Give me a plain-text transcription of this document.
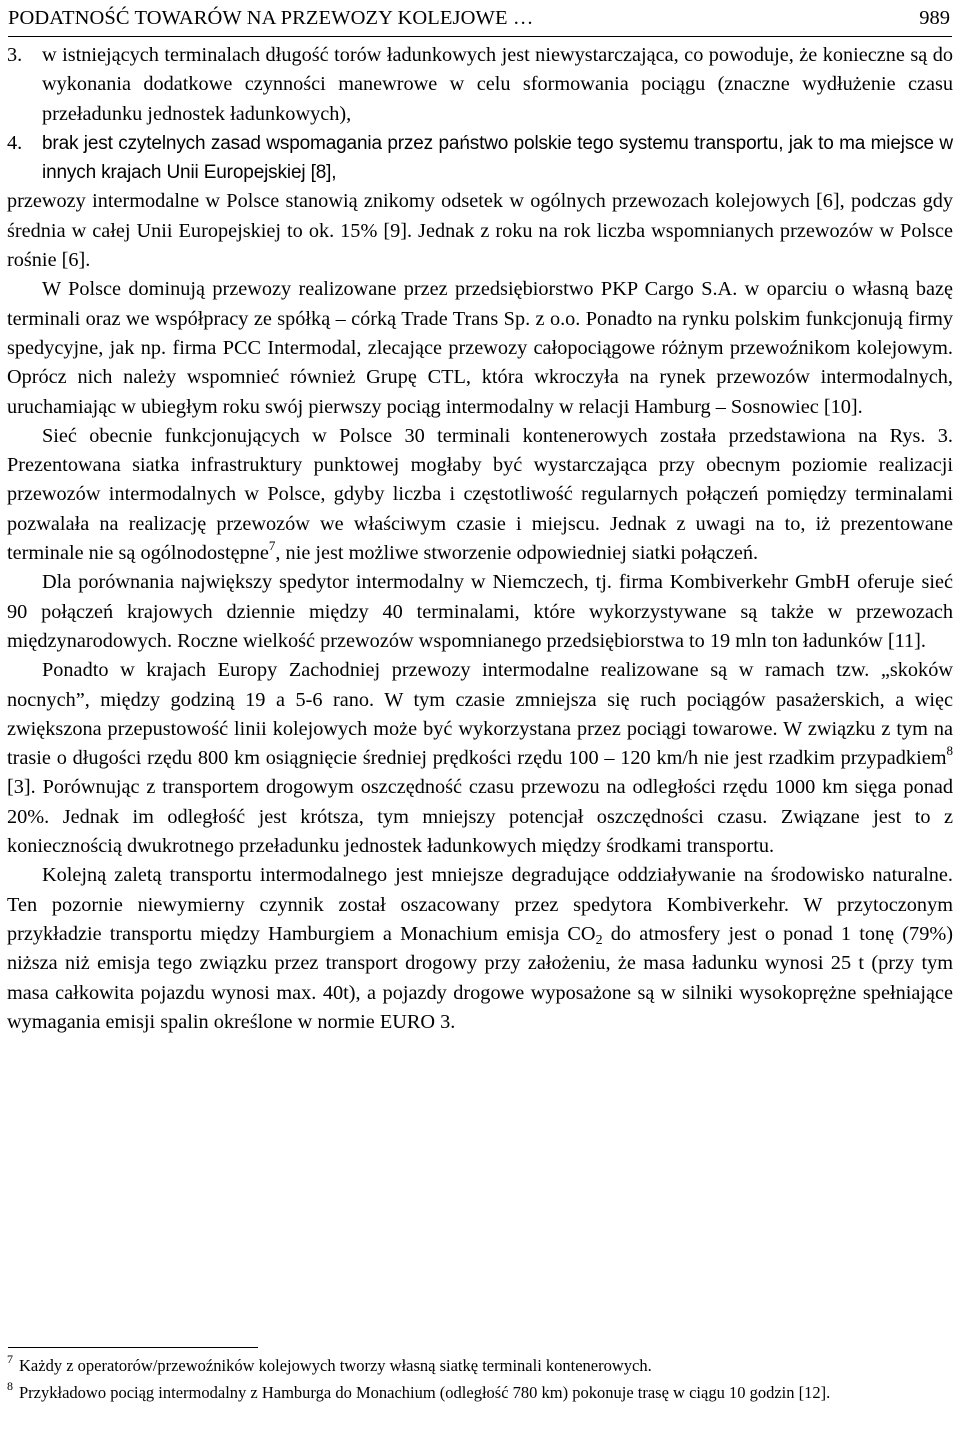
PODATNOŚĆ TOWARÓW NA PRZEWOZY KOLEJOWE …	989

3. w istniejących terminalach długość torów ładunkowych jest niewystarczająca, co powoduje, że konieczne są do wykonania dodatkowe czynności manewrowe w celu sformowania pociągu (znaczne wydłużenie czasu przeładunku jednostek ładunkowych),

4. brak jest czytelnych zasad wspomagania przez państwo polskie tego systemu transportu, jak to ma miejsce w innych krajach Unii Europejskiej [8],

przewozy intermodalne w Polsce stanowią znikomy odsetek w ogólnych przewozach kolejowych [6], podczas gdy średnia w całej Unii Europejskiej to ok. 15% [9]. Jednak z roku na rok liczba wspomnianych przewozów w Polsce rośnie [6].

W Polsce dominują przewozy realizowane przez przedsiębiorstwo PKP Cargo S.A. w oparciu o własną bazę terminali oraz we współpracy ze spółką – córką Trade Trans Sp. z o.o. Ponadto na rynku polskim funkcjonują firmy spedycyjne, jak np. firma PCC Intermodal, zlecające przewozy całopociągowe różnym przewoźnikom kolejowym. Oprócz nich należy wspomnieć również Grupę CTL, która wkroczyła na rynek przewozów intermodalnych, uruchamiając w ubiegłym roku swój pierwszy pociąg intermodalny w relacji Hamburg – Sosnowiec [10].

Sieć obecnie funkcjonujących w Polsce 30 terminali kontenerowych została przedstawiona na Rys. 3. Prezentowana siatka infrastruktury punktowej mogłaby być wystarczająca przy obecnym poziomie realizacji przewozów intermodalnych w Polsce, gdyby liczba i częstotliwość regularnych połączeń pomiędzy terminalami pozwalała na realizację przewozów we właściwym czasie i miejscu. Jednak z uwagi na to, iż prezentowane terminale nie są ogólnodostępne$^7$, nie jest możliwe stworzenie odpowiedniej siatki połączeń.

Dla porównania największy spedytor intermodalny w Niemczech, tj. firma Kombiverkehr GmbH oferuje sieć 90 połączeń krajowych dziennie między 40 terminalami, które wykorzystywane są także w przewozach międzynarodowych. Roczne wielkość przewozów wspomnianego przedsiębiorstwa to 19 mln ton ładunków [11].

Ponadto w krajach Europy Zachodniej przewozy intermodalne realizowane są w ramach tzw. „skoków nocnych”, między godziną 19 a 5-6 rano. W tym czasie zmniejsza się ruch pociągów pasażerskich, a więc zwiększona przepustowość linii kolejowych może być wykorzystana przez pociągi towarowe. W związku z tym na trasie o długości rzędu 800 km osiągnięcie średniej prędkości rzędu 100 – 120 km/h nie jest rzadkim przypadkiem$^8$ [3]. Porównując z transportem drogowym oszczędność czasu przewozu na odległości rzędu 1000 km sięga ponad 20%. Jednak im odległość jest krótsza, tym mniejszy potencjał oszczędności czasu. Związane jest to z koniecznością dwukrotnego przeładunku jednostek ładunkowych między środkami transportu.

Kolejną zaletą transportu intermodalnego jest mniejsze degradujące oddziaływanie na środowisko naturalne. Ten pozornie niewymierny czynnik został oszacowany przez spedytora Kombiverkehr. W przytoczonym przykładzie transportu między Hamburgiem a Monachium emisja $CO_2$ do atmosfery jest o ponad 1 tonę (79%) niższa niż emisja tego związku przez transport drogowy przy założeniu, że masa ładunku wynosi 25 t (przy tym masa całkowita pojazdu wynosi max. 40t), a pojazdy drogowe wyposażone są w silniki wysokoprężne spełniające wymagania emisji spalin określone w normie EURO 3.

$^7$ Każdy z operatorów/przewoźników kolejowych tworzy własną siatkę terminali kontenerowych.

$^8$ Przykładowo pociąg intermodalny z Hamburga do Monachium (odległość 780 km) pokonuje trasę w ciągu 10 godzin [12].
